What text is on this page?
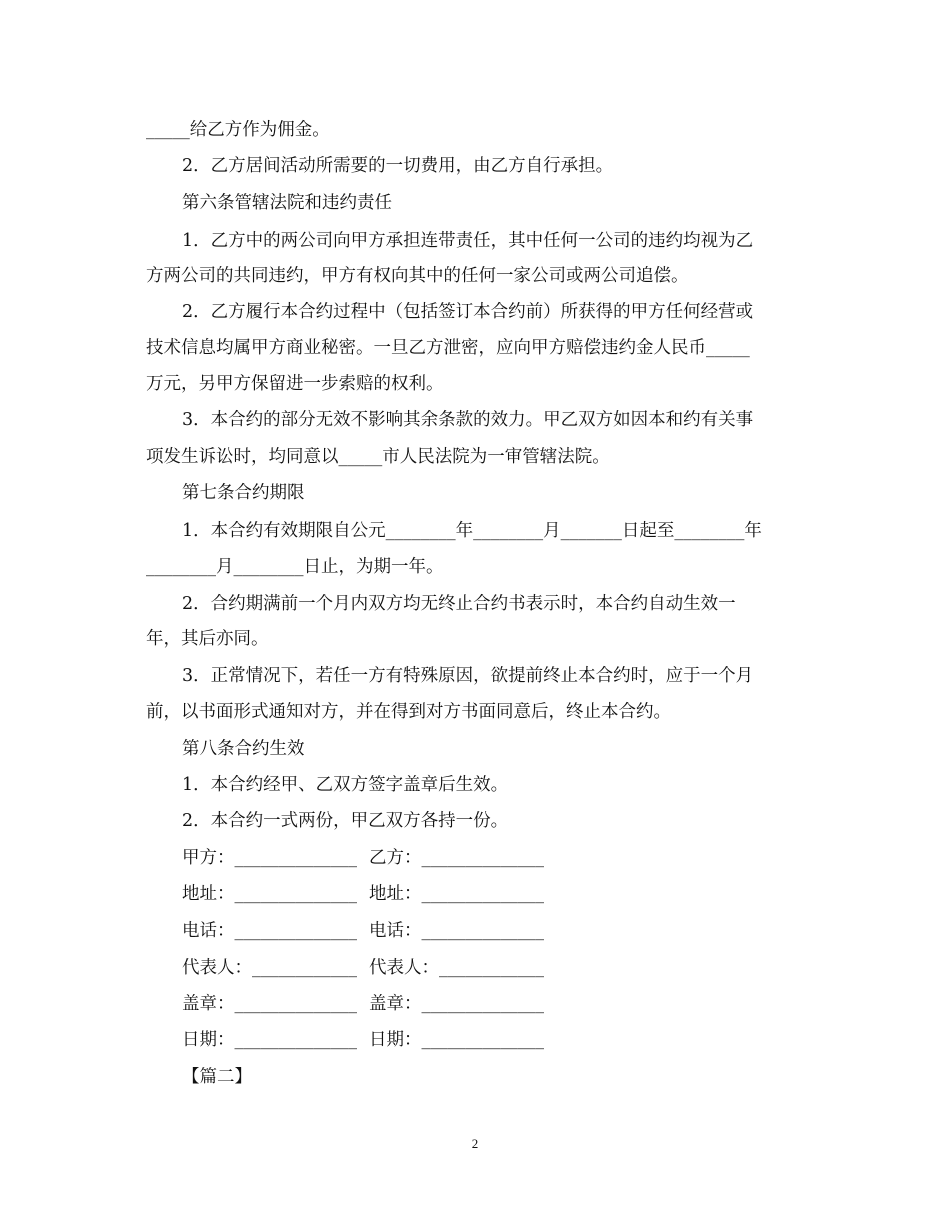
_____给乙方作为佣金。
2．乙方居间活动所需要的一切费用，由乙方自行承担。
第六条管辖法院和违约责任
1．乙方中的两公司向甲方承担连带责任，其中任何一公司的违约均视为乙
方两公司的共同违约，甲方有权向其中的任何一家公司或两公司追偿。
2．乙方履行本合约过程中（包括签订本合约前）所获得的甲方任何经营或
技术信息均属甲方商业秘密。一旦乙方泄密，应向甲方赔偿违约金人民币_____
万元，另甲方保留进一步索赔的权利。
3．本合约的部分无效不影响其余条款的效力。甲乙双方如因本和约有关事
项发生诉讼时，均同意以_____市人民法院为一审管辖法院。
第七条合约期限
1．本合约有效期限自公元________年________月_______日起至________年
________月________日止，为期一年。
2．合约期满前一个月内双方均无终止合约书表示时，本合约自动生效一
年，其后亦同。
3．正常情况下，若任一方有特殊原因，欲提前终止本合约时，应于一个月
前，以书面形式通知对方，并在得到对方书面同意后，终止本合约。
第八条合约生效
1．本合约经甲、乙双方签字盖章后生效。
2．本合约一式两份，甲乙双方各持一份。

甲方：______________

乙方：______________

地址：______________

地址：______________

电话：______________

电话：______________

代表人：____________

代表人：____________

盖章：______________

盖章：______________

日期：______________

日期：______________

【篇二】
2
